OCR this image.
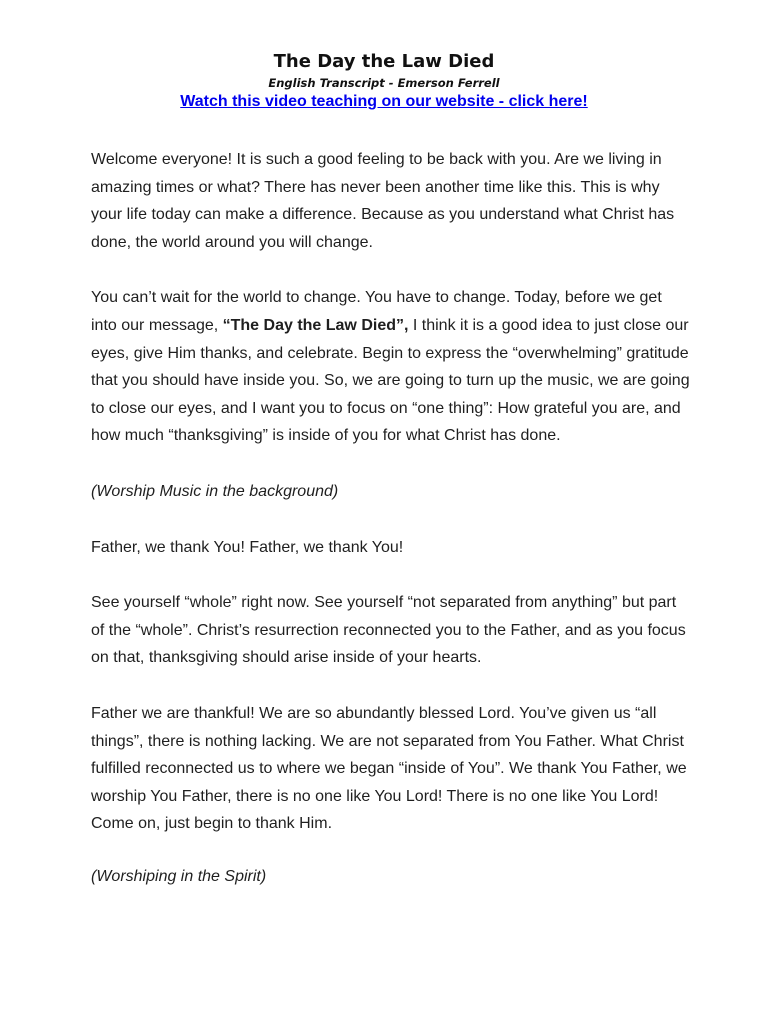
The Day the Law Died

English Transcript - Emerson Ferrell

Watch this video teaching on our website - click here!

Welcome everyone! It is such a good feeling to be back with you. Are we living in amazing times or what? There has never been another time like this. This is why your life today can make a difference. Because as you understand what Christ has done, the world around you will change.

You can’t wait for the world to change. You have to change. Today, before we get into our message, “The Day the Law Died”, I think it is a good idea to just close our eyes, give Him thanks, and celebrate. Begin to express the “overwhelming” gratitude that you should have inside you. So, we are going to turn up the music, we are going to close our eyes, and I want you to focus on “one thing”: How grateful you are, and how much “thanksgiving” is inside of you for what Christ has done.

(Worship Music in the background)

Father, we thank You! Father, we thank You!

See yourself “whole” right now. See yourself “not separated from anything” but part of the “whole”. Christ’s resurrection reconnected you to the Father, and as you focus on that, thanksgiving should arise inside of your hearts.

Father we are thankful! We are so abundantly blessed Lord. You’ve given us “all things”, there is nothing lacking. We are not separated from You Father. What Christ fulfilled reconnected us to where we began “inside of You”. We thank You Father, we worship You Father, there is no one like You Lord! There is no one like You Lord! Come on, just begin to thank Him.

(Worshiping in the Spirit)
